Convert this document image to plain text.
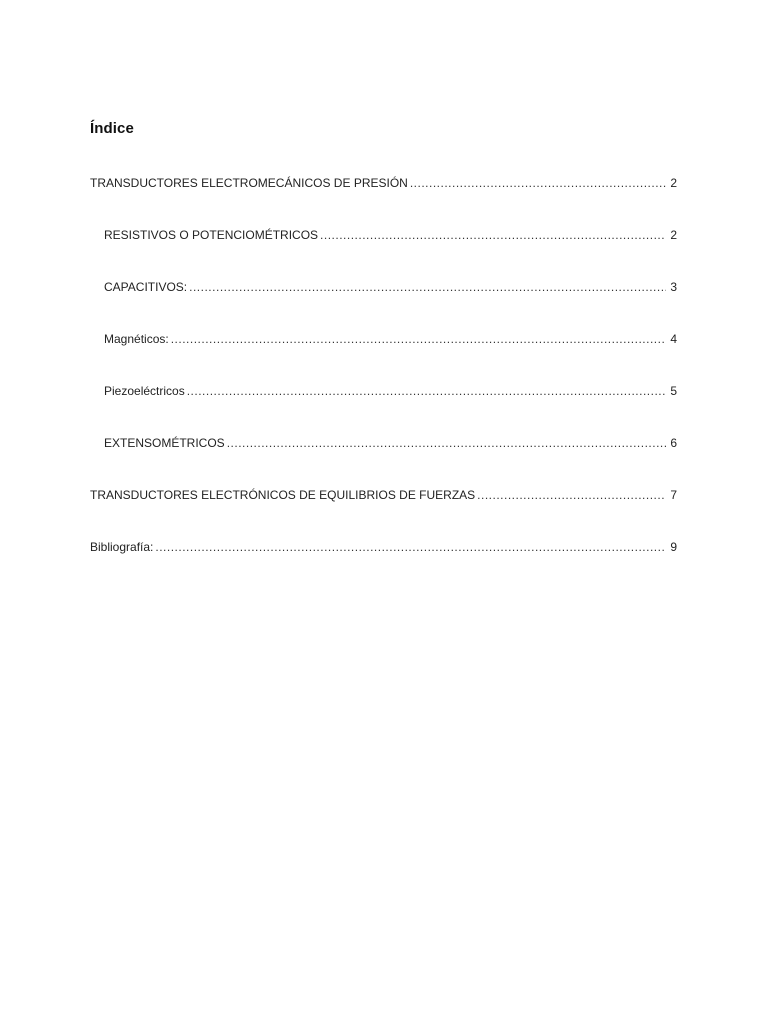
Índice
TRANSDUCTORES ELECTROMECÁNICOS DE PRESIÓN .....	2
RESISTIVOS O POTENCIOMÉTRICOS .....	2
CAPACITIVOS: .....	3
Magnéticos: .....	4
Piezoeléctricos .....	5
EXTENSOMÉTRICOS .....	6
TRANSDUCTORES ELECTRÓNICOS DE EQUILIBRIOS DE FUERZAS .....	7
Bibliografía: .....	9
